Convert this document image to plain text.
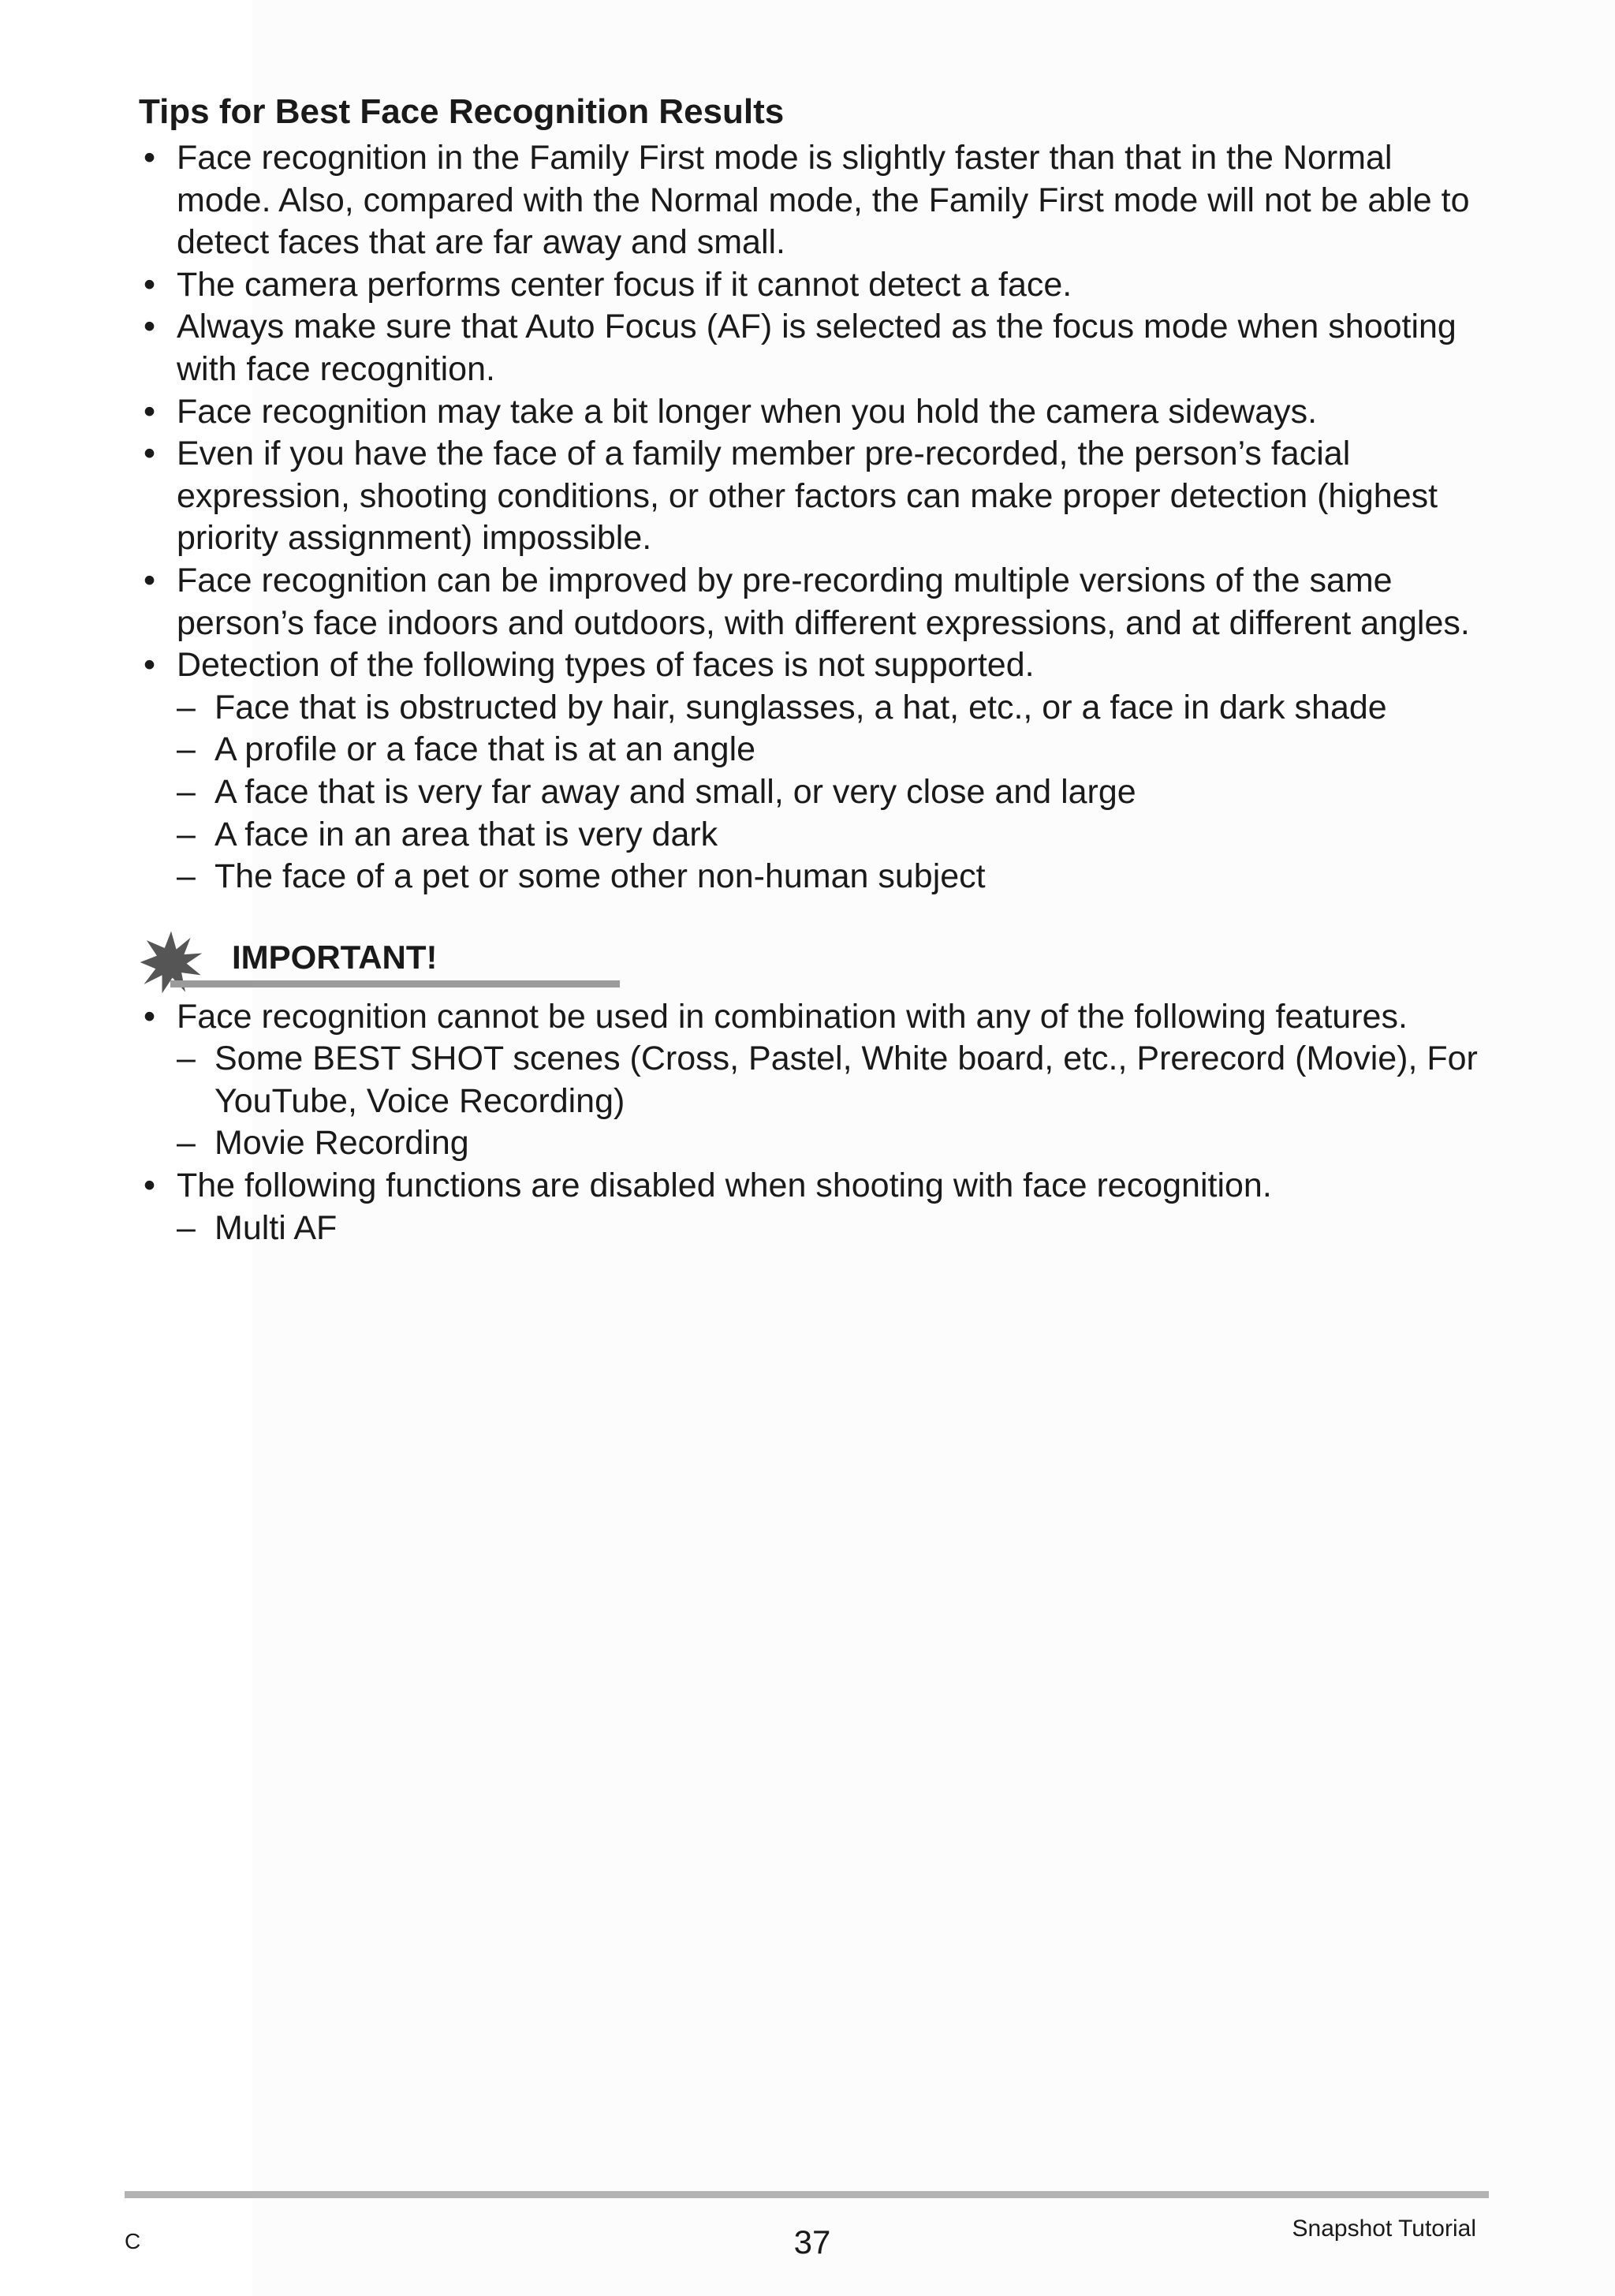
Tips for Best Face Recognition Results
• Face recognition in the Family First mode is slightly faster than that in the Normal mode. Also, compared with the Normal mode, the Family First mode will not be able to detect faces that are far away and small.
• The camera performs center focus if it cannot detect a face.
• Always make sure that Auto Focus (AF) is selected as the focus mode when shooting with face recognition.
• Face recognition may take a bit longer when you hold the camera sideways.
• Even if you have the face of a family member pre-recorded, the person’s facial expression, shooting conditions, or other factors can make proper detection (highest priority assignment) impossible.
• Face recognition can be improved by pre-recording multiple versions of the same person’s face indoors and outdoors, with different expressions, and at different angles.
• Detection of the following types of faces is not supported.
– Face that is obstructed by hair, sunglasses, a hat, etc., or a face in dark shade
– A profile or a face that is at an angle
– A face that is very far away and small, or very close and large
– A face in an area that is very dark
– The face of a pet or some other non-human subject
IMPORTANT!
• Face recognition cannot be used in combination with any of the following features.
– Some BEST SHOT scenes (Cross, Pastel, White board, etc., Prerecord (Movie), For YouTube, Voice Recording)
– Movie Recording
• The following functions are disabled when shooting with face recognition.
– Multi AF
C	37	Snapshot Tutorial
